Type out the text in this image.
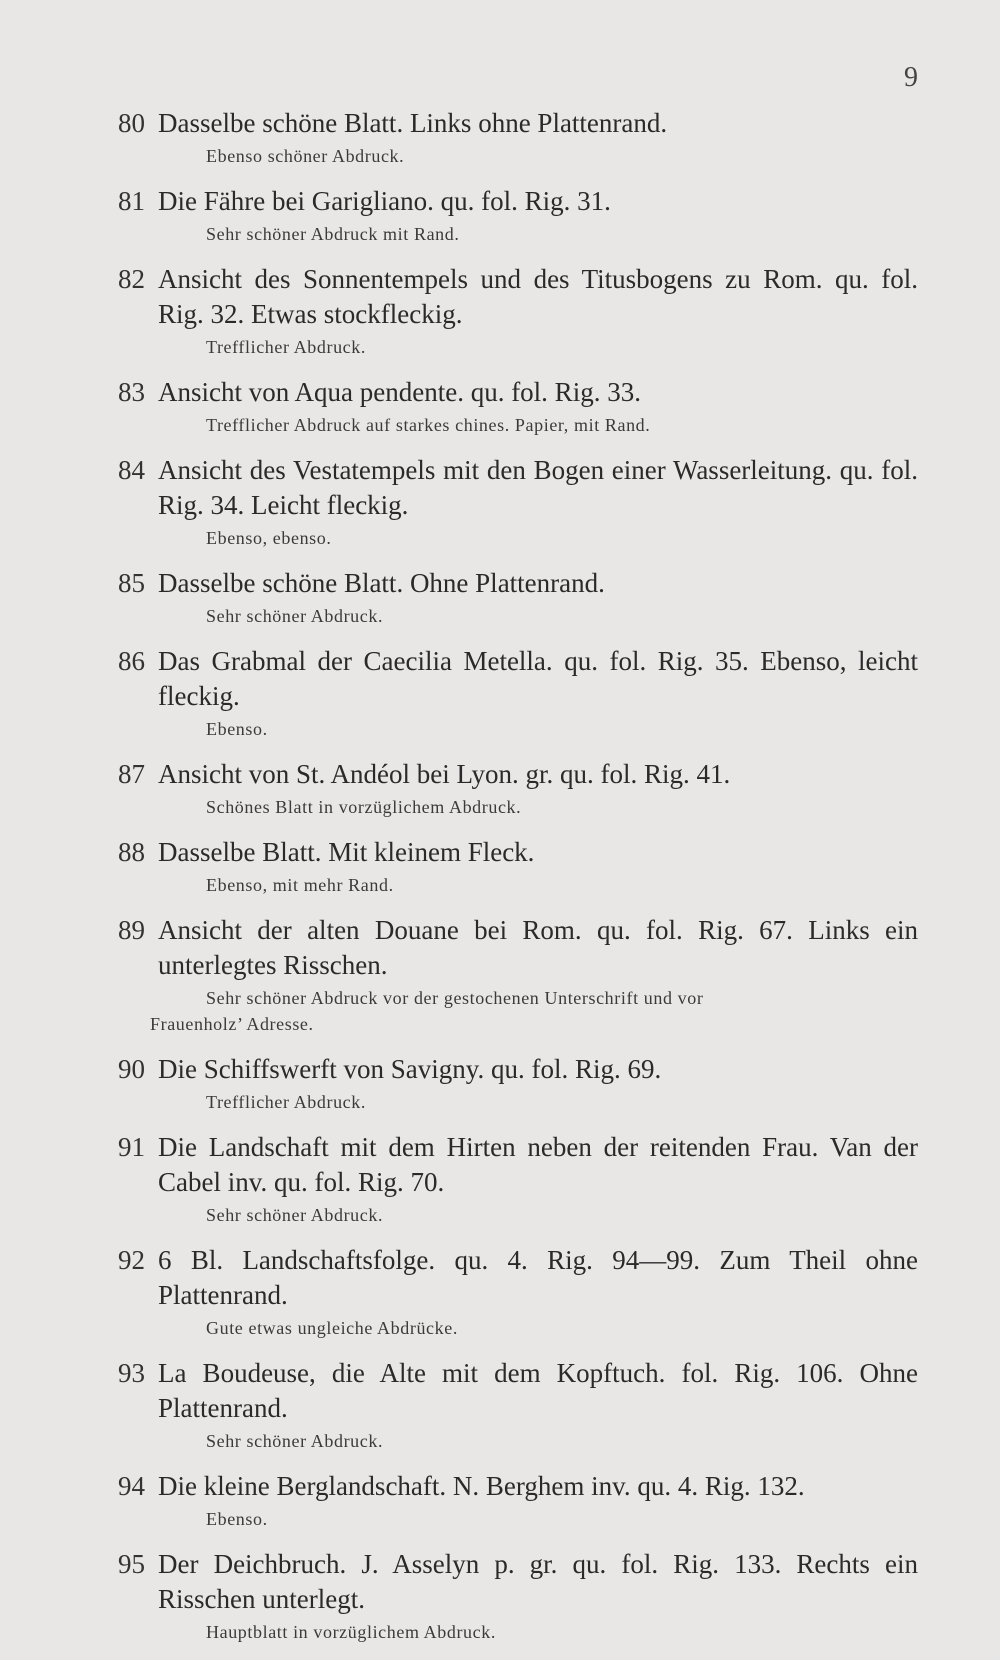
9
80 Dasselbe schöne Blatt. Links ohne Plattenrand.
Ebenso schöner Abdruck.
81 Die Fähre bei Garigliano. qu. fol. Rig. 31.
Sehr schöner Abdruck mit Rand.
82 Ansicht des Sonnentempels und des Titusbogens zu Rom. qu. fol. Rig. 32. Etwas stockfleckig.
Trefflicher Abdruck.
83 Ansicht von Aqua pendente. qu. fol. Rig. 33.
Trefflicher Abdruck auf starkes chines. Papier, mit Rand.
84 Ansicht des Vestatempels mit den Bogen einer Wasserleitung. qu. fol. Rig. 34. Leicht fleckig.
Ebenso, ebenso.
85 Dasselbe schöne Blatt. Ohne Plattenrand.
Sehr schöner Abdruck.
86 Das Grabmal der Caecilia Metella. qu. fol. Rig. 35. Ebenso, leicht fleckig.
Ebenso.
87 Ansicht von St. Andéol bei Lyon. gr. qu. fol. Rig. 41.
Schönes Blatt in vorzüglichem Abdruck.
88 Dasselbe Blatt. Mit kleinem Fleck.
Ebenso, mit mehr Rand.
89 Ansicht der alten Douane bei Rom. qu. fol. Rig. 67. Links ein unterlegtes Risschen.
Sehr schöner Abdruck vor der gestochenen Unterschrift und vor
Frauenholz’ Adresse.
90 Die Schiffswerft von Savigny. qu. fol. Rig. 69.
Trefflicher Abdruck.
91 Die Landschaft mit dem Hirten neben der reitenden Frau. Van der Cabel inv. qu. fol. Rig. 70.
Sehr schöner Abdruck.
92 6 Bl. Landschaftsfolge. qu. 4. Rig. 94—99. Zum Theil ohne Plattenrand.
Gute etwas ungleiche Abdrücke.
93 La Boudeuse, die Alte mit dem Kopftuch. fol. Rig. 106. Ohne Plattenrand.
Sehr schöner Abdruck.
94 Die kleine Berglandschaft. N. Berghem inv. qu. 4. Rig. 132.
Ebenso.
95 Der Deichbruch. J. Asselyn p. gr. qu. fol. Rig. 133. Rechts ein Risschen unterlegt.
Hauptblatt in vorzüglichem Abdruck.
